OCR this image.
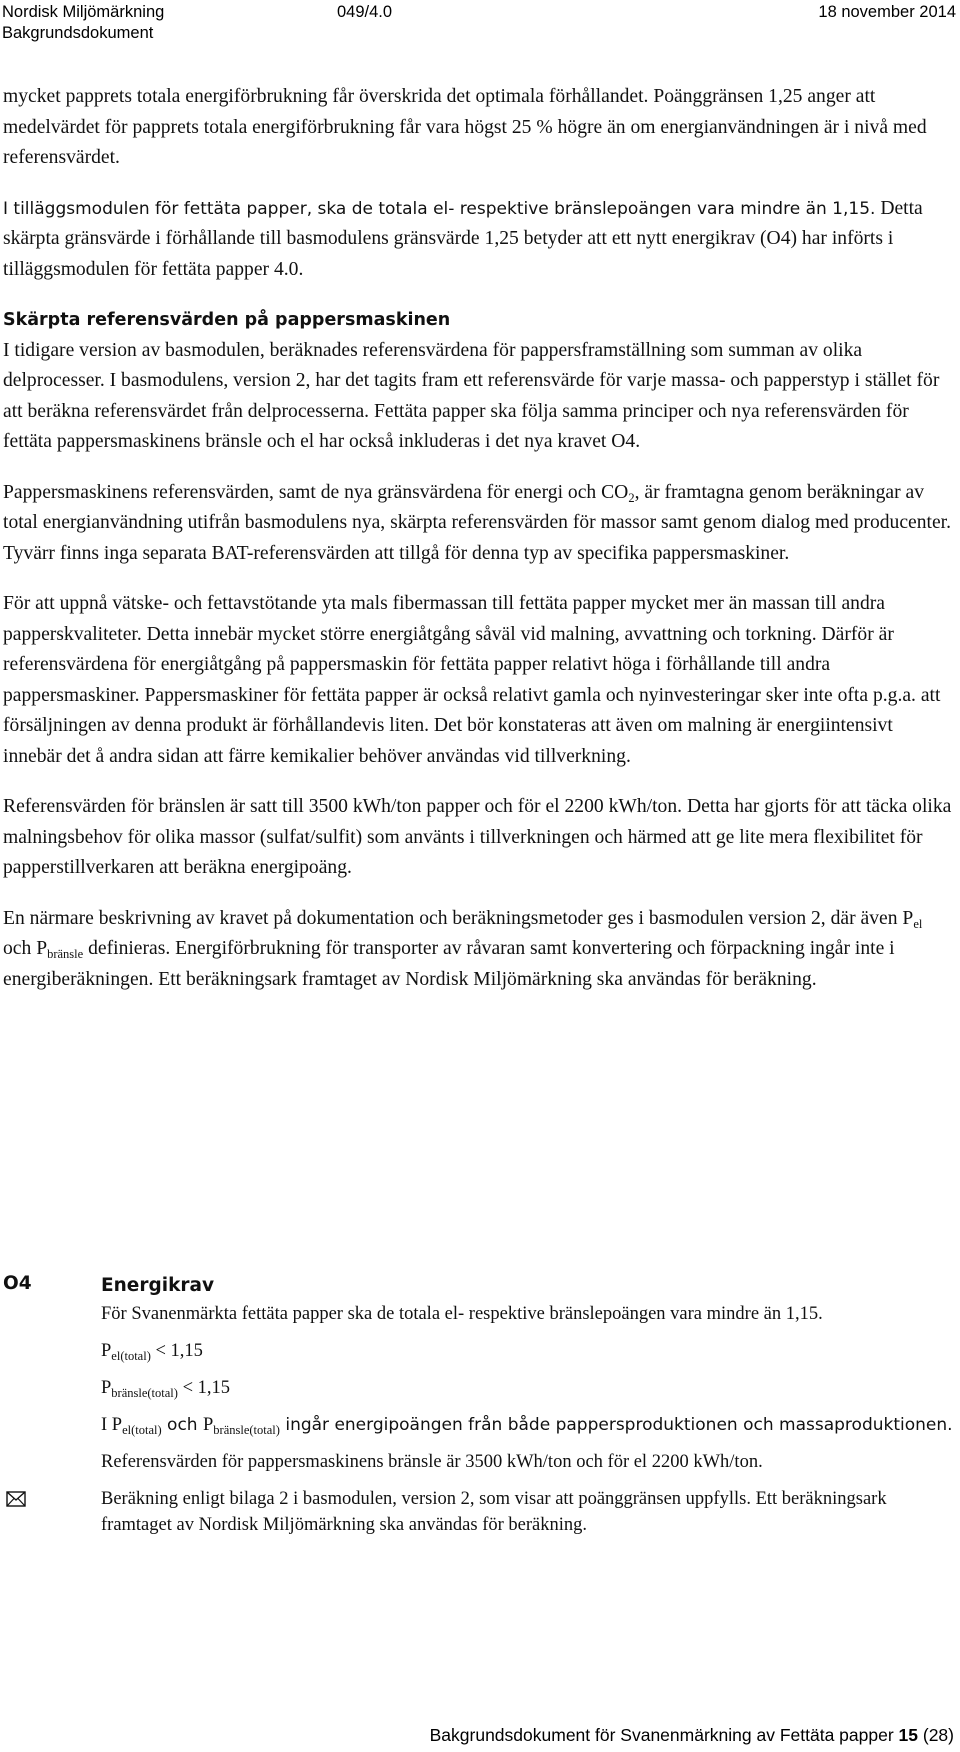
Nordisk Miljömärkning
Bakgrundsdokument
049/4.0	18 november 2014

mycket papprets totala energiförbrukning får överskrida det optimala förhållandet. Poänggränsen 1,25 anger att medelvärdet för papprets totala energiförbrukning får vara högst 25 % högre än om energianvändningen är i nivå med referensvärdet.

I tilläggsmodulen för fettäta papper, ska de totala el- respektive bränslepoängen vara mindre än 1,15. Detta skärpta gränsvärde i förhållande till basmodulens gränsvärde 1,25 betyder att ett nytt energikrav (O4) har införts i tilläggsmodulen för fettäta papper 4.0.

Skärpta referensvärden på pappersmaskinen

I tidigare version av basmodulen, beräknades referensvärdena för pappersframställning som summan av olika delprocesser. I basmodulens, version 2, har det tagits fram ett referensvärde för varje massa- och papperstyp i stället för att beräkna referensvärdet från delprocesserna. Fettäta papper ska följa samma principer och nya referensvärden för fettäta pappersmaskinens bränsle och el har också inkluderas i det nya kravet O4.

Pappersmaskinens referensvärden, samt de nya gränsvärdena för energi och $CO_2$, är framtagna genom beräkningar av total energianvändning utifrån basmodulens nya, skärpta referensvärden för massor samt genom dialog med producenter. Tyvärr finns inga separata BAT-referensvärden att tillgå för denna typ av specifika pappersmaskiner.

För att uppnå vätske- och fettavstötande yta mals fibermassan till fettäta papper mycket mer än massan till andra papperskvaliteter. Detta innebär mycket större energiåtgång såväl vid malning, avvattning och torkning. Därför är referensvärdena för energiåtgång på pappersmaskin för fettäta papper relativt höga i förhållande till andra pappersmaskiner. Pappersmaskiner för fettäta papper är också relativt gamla och nyinvesteringar sker inte ofta p.g.a. att försäljningen av denna produkt är förhållandevis liten. Det bör konstateras att även om malning är energiintensivt innebär det å andra sidan att färre kemikalier behöver användas vid tillverkning.

Referensvärden för bränslen är satt till 3500 kWh/ton papper och för el 2200 kWh/ton. Detta har gjorts för att täcka olika malningsbehov för olika massor (sulfat/sulfit) som använts i tillverkningen och härmed att ge lite mera flexibilitet för papperstillverkaren att beräkna energipoäng.

En närmare beskrivning av kravet på dokumentation och beräkningsmetoder ges i basmodulen version 2, där även $P_{el}$ och $P_{bränsle}$ definieras. Energiförbrukning för transporter av råvaran samt konvertering och förpackning ingår inte i energiberäkningen. Ett beräkningsark framtaget av Nordisk Miljömärkning ska användas för beräkning.

O4	Energikrav

För Svanenmärkta fettäta papper ska de totala el- respektive bränslepoängen vara mindre än 1,15.

$P_{el(total)} < 1,15$

$P_{bränsle(total)} < 1,15$

I $P_{el(total)}$ och $P_{bränsle(total)}$ ingår energipoängen från både pappersproduktionen och massaproduktionen.

Referensvärden för pappersmaskinens bränsle är 3500 kWh/ton och för el 2200 kWh/ton.

Beräkning enligt bilaga 2 i basmodulen, version 2, som visar att poänggränsen uppfylls. Ett beräkningsark framtaget av Nordisk Miljömärkning ska användas för beräkning.
Bakgrundsdokument för Svanenmärkning av Fettäta papper 15 (28)
